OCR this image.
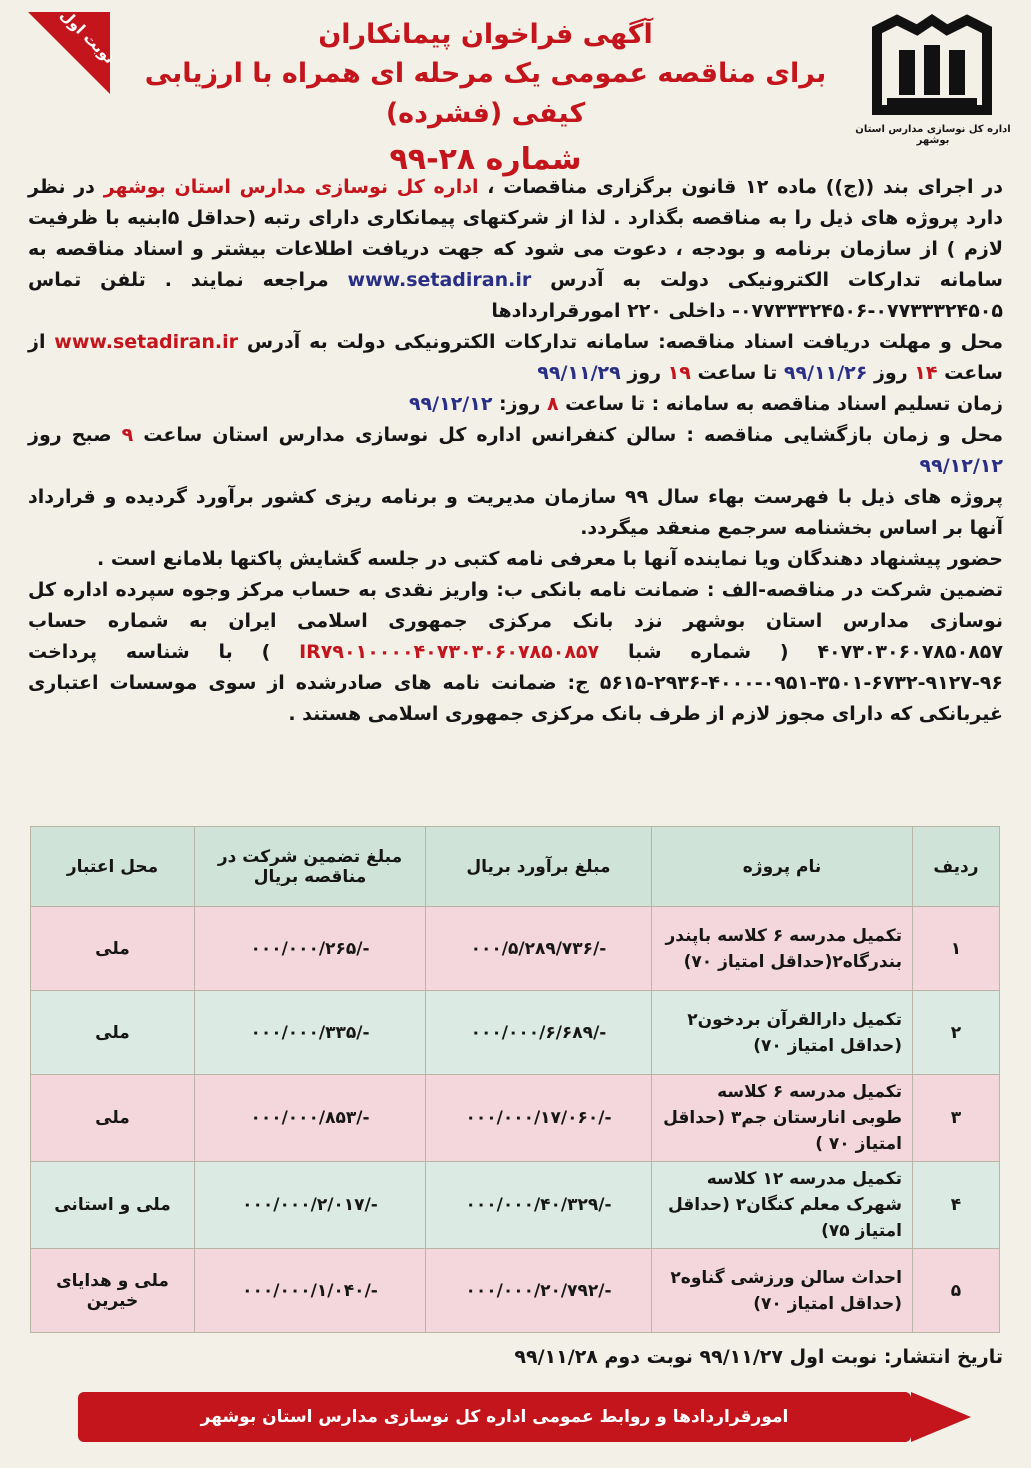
اداره کل نوسازی مدارس استان بوشهر
نوبت اول	آگهی فراخوان پیمانکاران
برای مناقصه عمومی یک مرحله ای همراه با ارزیابی کیفی (فشرده)
شماره ۲۸-۹۹

در اجرای بند ((ج)) ماده ۱۲ قانون برگزاری مناقصات ، اداره کل نوسازی مدارس استان بوشهر در نظر دارد پروژه های ذیل را به مناقصه بگذارد . لذا از شرکتهای پیمانکاری دارای رتبه (حداقل ۵ابنیه با ظرفیت لازم ) از سازمان برنامه و بودجه ، دعوت می شود که جهت دریافت اطلاعات بیشتر و اسناد مناقصه به سامانه تدارکات الکترونیکی دولت به آدرس www.setadiran.ir مراجعه نمایند . تلفن تماس ۰۷۷۳۳۳۲۴۵۰۵-۰۷۷۳۳۳۲۴۵۰۶- داخلی ۲۲۰ امورقراردادها

محل و مهلت دریافت اسناد مناقصه: سامانه تدارکات الکترونیکی دولت به آدرس www.setadiran.ir از ساعت ۱۴ روز ۹۹/۱۱/۲۶ تا ساعت ۱۹ روز ۹۹/۱۱/۲۹

زمان تسلیم اسناد مناقصه به سامانه : تا ساعت ۸ روز: ۹۹/۱۲/۱۲

محل و زمان بازگشایی مناقصه : سالن کنفرانس اداره کل نوسازی مدارس استان ساعت ۹ صبح روز ۹۹/۱۲/۱۲

پروژه های ذیل با فهرست بهاء سال ۹۹ سازمان مدیریت و برنامه ریزی کشور برآورد گردیده و قرارداد آنها بر اساس بخشنامه سرجمع منعقد میگردد.

حضور پیشنهاد دهندگان ویا نماینده آنها با معرفی نامه کتبی در جلسه گشایش پاکتها بلامانع است .

تضمین شرکت در مناقصه-الف : ضمانت نامه بانکی ب: واریز نقدی به حساب مرکز وجوه سپرده اداره کل نوسازی مدارس استان بوشهر نزد بانک مرکزی جمهوری اسلامی ایران به شماره حساب ۴۰۷۳۰۳۰۶۰۷۸۵۰۸۵۷ ( شماره شبا IR۷۹۰۱۰۰۰۰۴۰۷۳۰۳۰۶۰۷۸۵۰۸۵۷ ) با شناسه پرداخت ۹۶-۹۱۲۷-۶۷۳۲-۳۵۰۱-۰۹۵۱-۴۰۰۰-۲۹۳۶-۵۶۱۵ ج: ضمانت نامه های صادرشده از سوی موسسات اعتباری غیربانکی که دارای مجوز لازم از طرف بانک مرکزی جمهوری اسلامی هستند .

ردیف	نام پروژه	مبلغ برآورد بریال	مبلغ تضمین شرکت در مناقصه بریال	محل اعتبار
۱	تکمیل مدرسه ۶ کلاسه باپندر بندرگاه۲(حداقل امتیاز ۷۰)	-/۰۰۰/۵/۲۸۹/۷۳۶	-/۰۰۰/۰۰۰/۲۶۵	ملی
۲	تکمیل دارالقرآن بردخون۲ (حداقل امتیاز ۷۰)	-/۰۰۰/۰۰۰/۶/۶۸۹	-/۰۰۰/۰۰۰/۳۳۵	ملی
۳	تکمیل مدرسه ۶ کلاسه طوبی انارستان جم۳ (حداقل امتیاز ۷۰ )	-/۰۰۰/۰۰۰/۱۷/۰۶۰	-/۰۰۰/۰۰۰/۸۵۳	ملی
۴	تکمیل مدرسه ۱۲ کلاسه شهرک معلم کنگان۲ (حداقل امتیاز ۷۵)	-/۰۰۰/۰۰۰/۴۰/۳۲۹	-/۰۰۰/۰۰۰/۲/۰۱۷	ملی و استانی
۵	احداث سالن ورزشی گناوه۲ (حداقل امتیاز ۷۰)	-/۰۰۰/۰۰۰/۲۰/۷۹۲	-/۰۰۰/۰۰۰/۱/۰۴۰	ملی و هدایای خیرین
تاریخ انتشار: نوبت اول ۹۹/۱۱/۲۷ نوبت دوم ۹۹/۱۱/۲۸
امورقراردادها و روابط عمومی اداره کل نوسازی مدارس استان بوشهر
